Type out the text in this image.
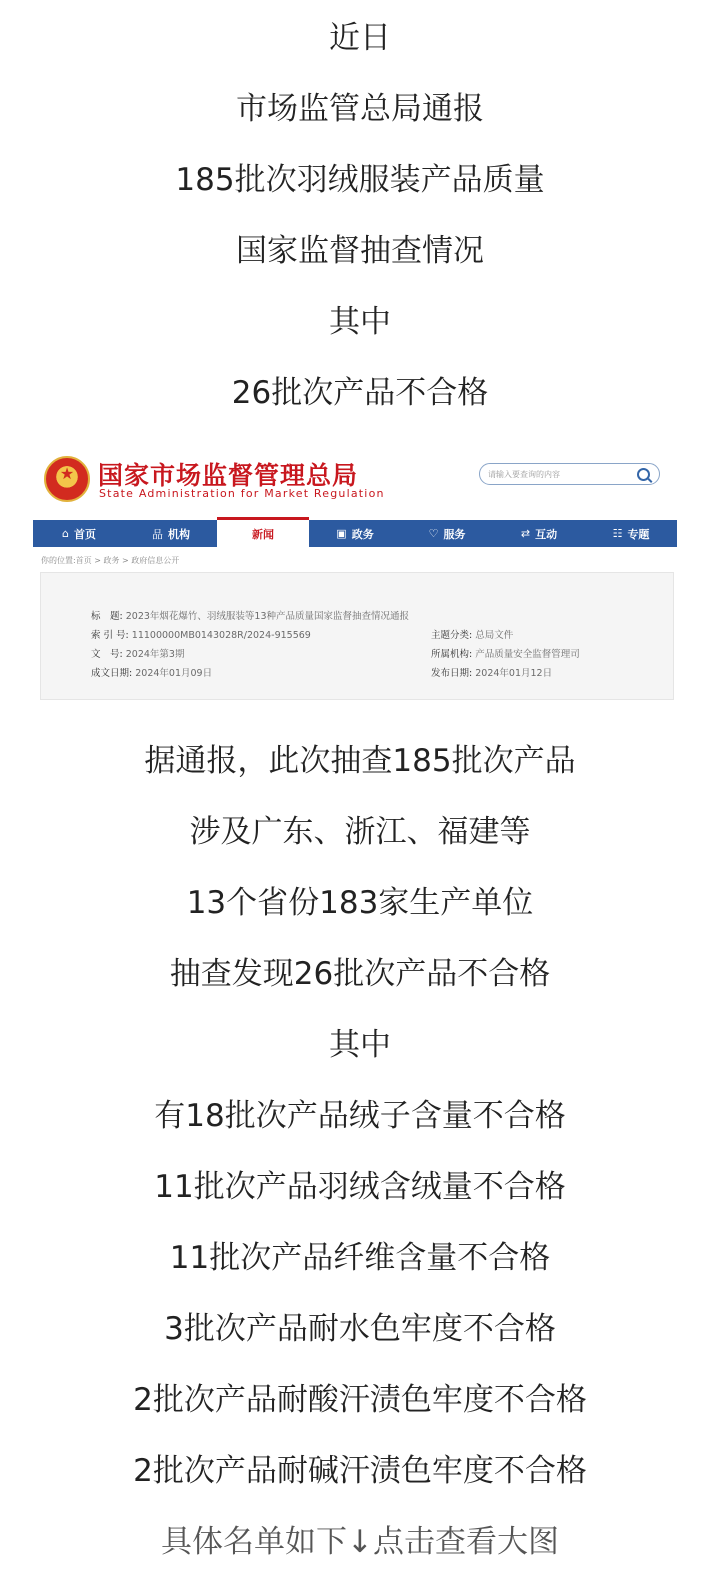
近日
市场监管总局通报
185批次羽绒服装产品质量
国家监督抽查情况
其中
26批次产品不合格
★
国家市场监督管理总局
State Administration for Market Regulation
请输入要查询的内容
⌂ 首页	品 机构	新闻	▣ 政务	♡ 服务	⇄ 互动	☷ 专题
你的位置:首页 > 政务 > 政府信息公开
标　题: 2023年烟花爆竹、羽绒服装等13种产品质量国家监督抽查情况通报
索 引 号: 11100000MB0143028R/2024-915569	主题分类: 总局文件
文　号: 2024年第3期	所属机构: 产品质量安全监督管理司
成文日期: 2024年01月09日	发布日期: 2024年01月12日
据通报，此次抽查185批次产品
涉及广东、浙江、福建等
13个省份183家生产单位
抽查发现26批次产品不合格
其中
有18批次产品绒子含量不合格
11批次产品羽绒含绒量不合格
11批次产品纤维含量不合格
3批次产品耐水色牢度不合格
2批次产品耐酸汗渍色牢度不合格
2批次产品耐碱汗渍色牢度不合格
具体名单如下↓点击查看大图
